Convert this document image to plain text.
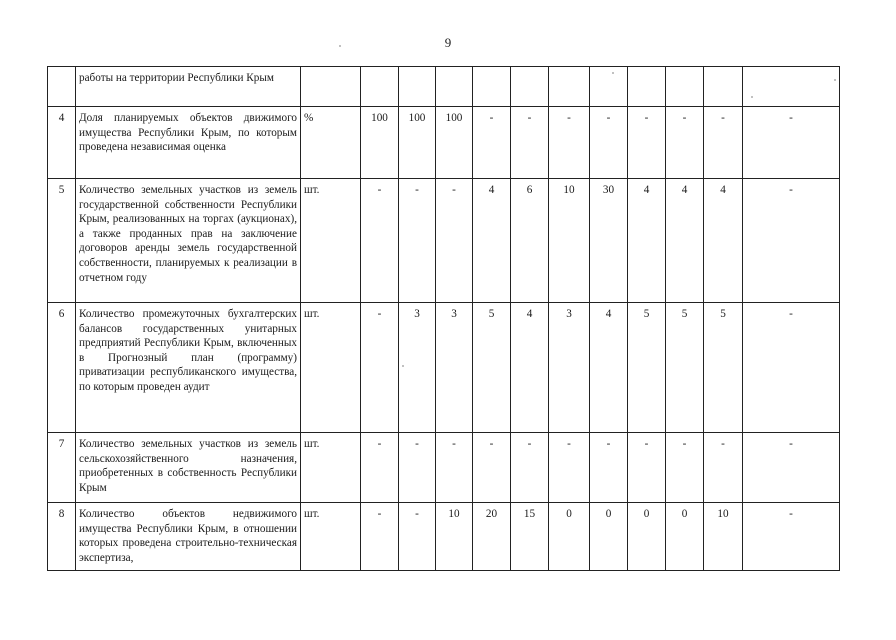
9
	работы на территории Республики Крым												
4	Доля планируемых объектов движимого имущества Республики Крым, по которым проведена независимая оценка	%	100	100	100	-	-	-	-	-	-	-	-
5	Количество земельных участков из земель государственной собственности Республики Крым, реализованных на торгах (аукционах), а также проданных прав на заключение договоров аренды земель государственной собственности, планируемых к реализации в отчетном году	шт.	-	-	-	4	6	10	30	4	4	4	-
6	Количество промежуточных бухгалтерских балансов государственных унитарных предприятий Республики Крым, включенных в Прогнозный план (программу) приватизации республиканского имущества, по которым проведен аудит	шт.	-	3	3	5	4	3	4	5	5	5	-
7	Количество земельных участков из земель сельскохозяйственного назначения, приобретенных в собственность Республики Крым	шт.	-	-	-	-	-	-	-	-	-	-	-
8	Количество объектов недвижимого имущества Республики Крым, в отношении которых проведена строительно-техническая экспертиза,	шт.	-	-	10	20	15	0	0	0	0	10	-
